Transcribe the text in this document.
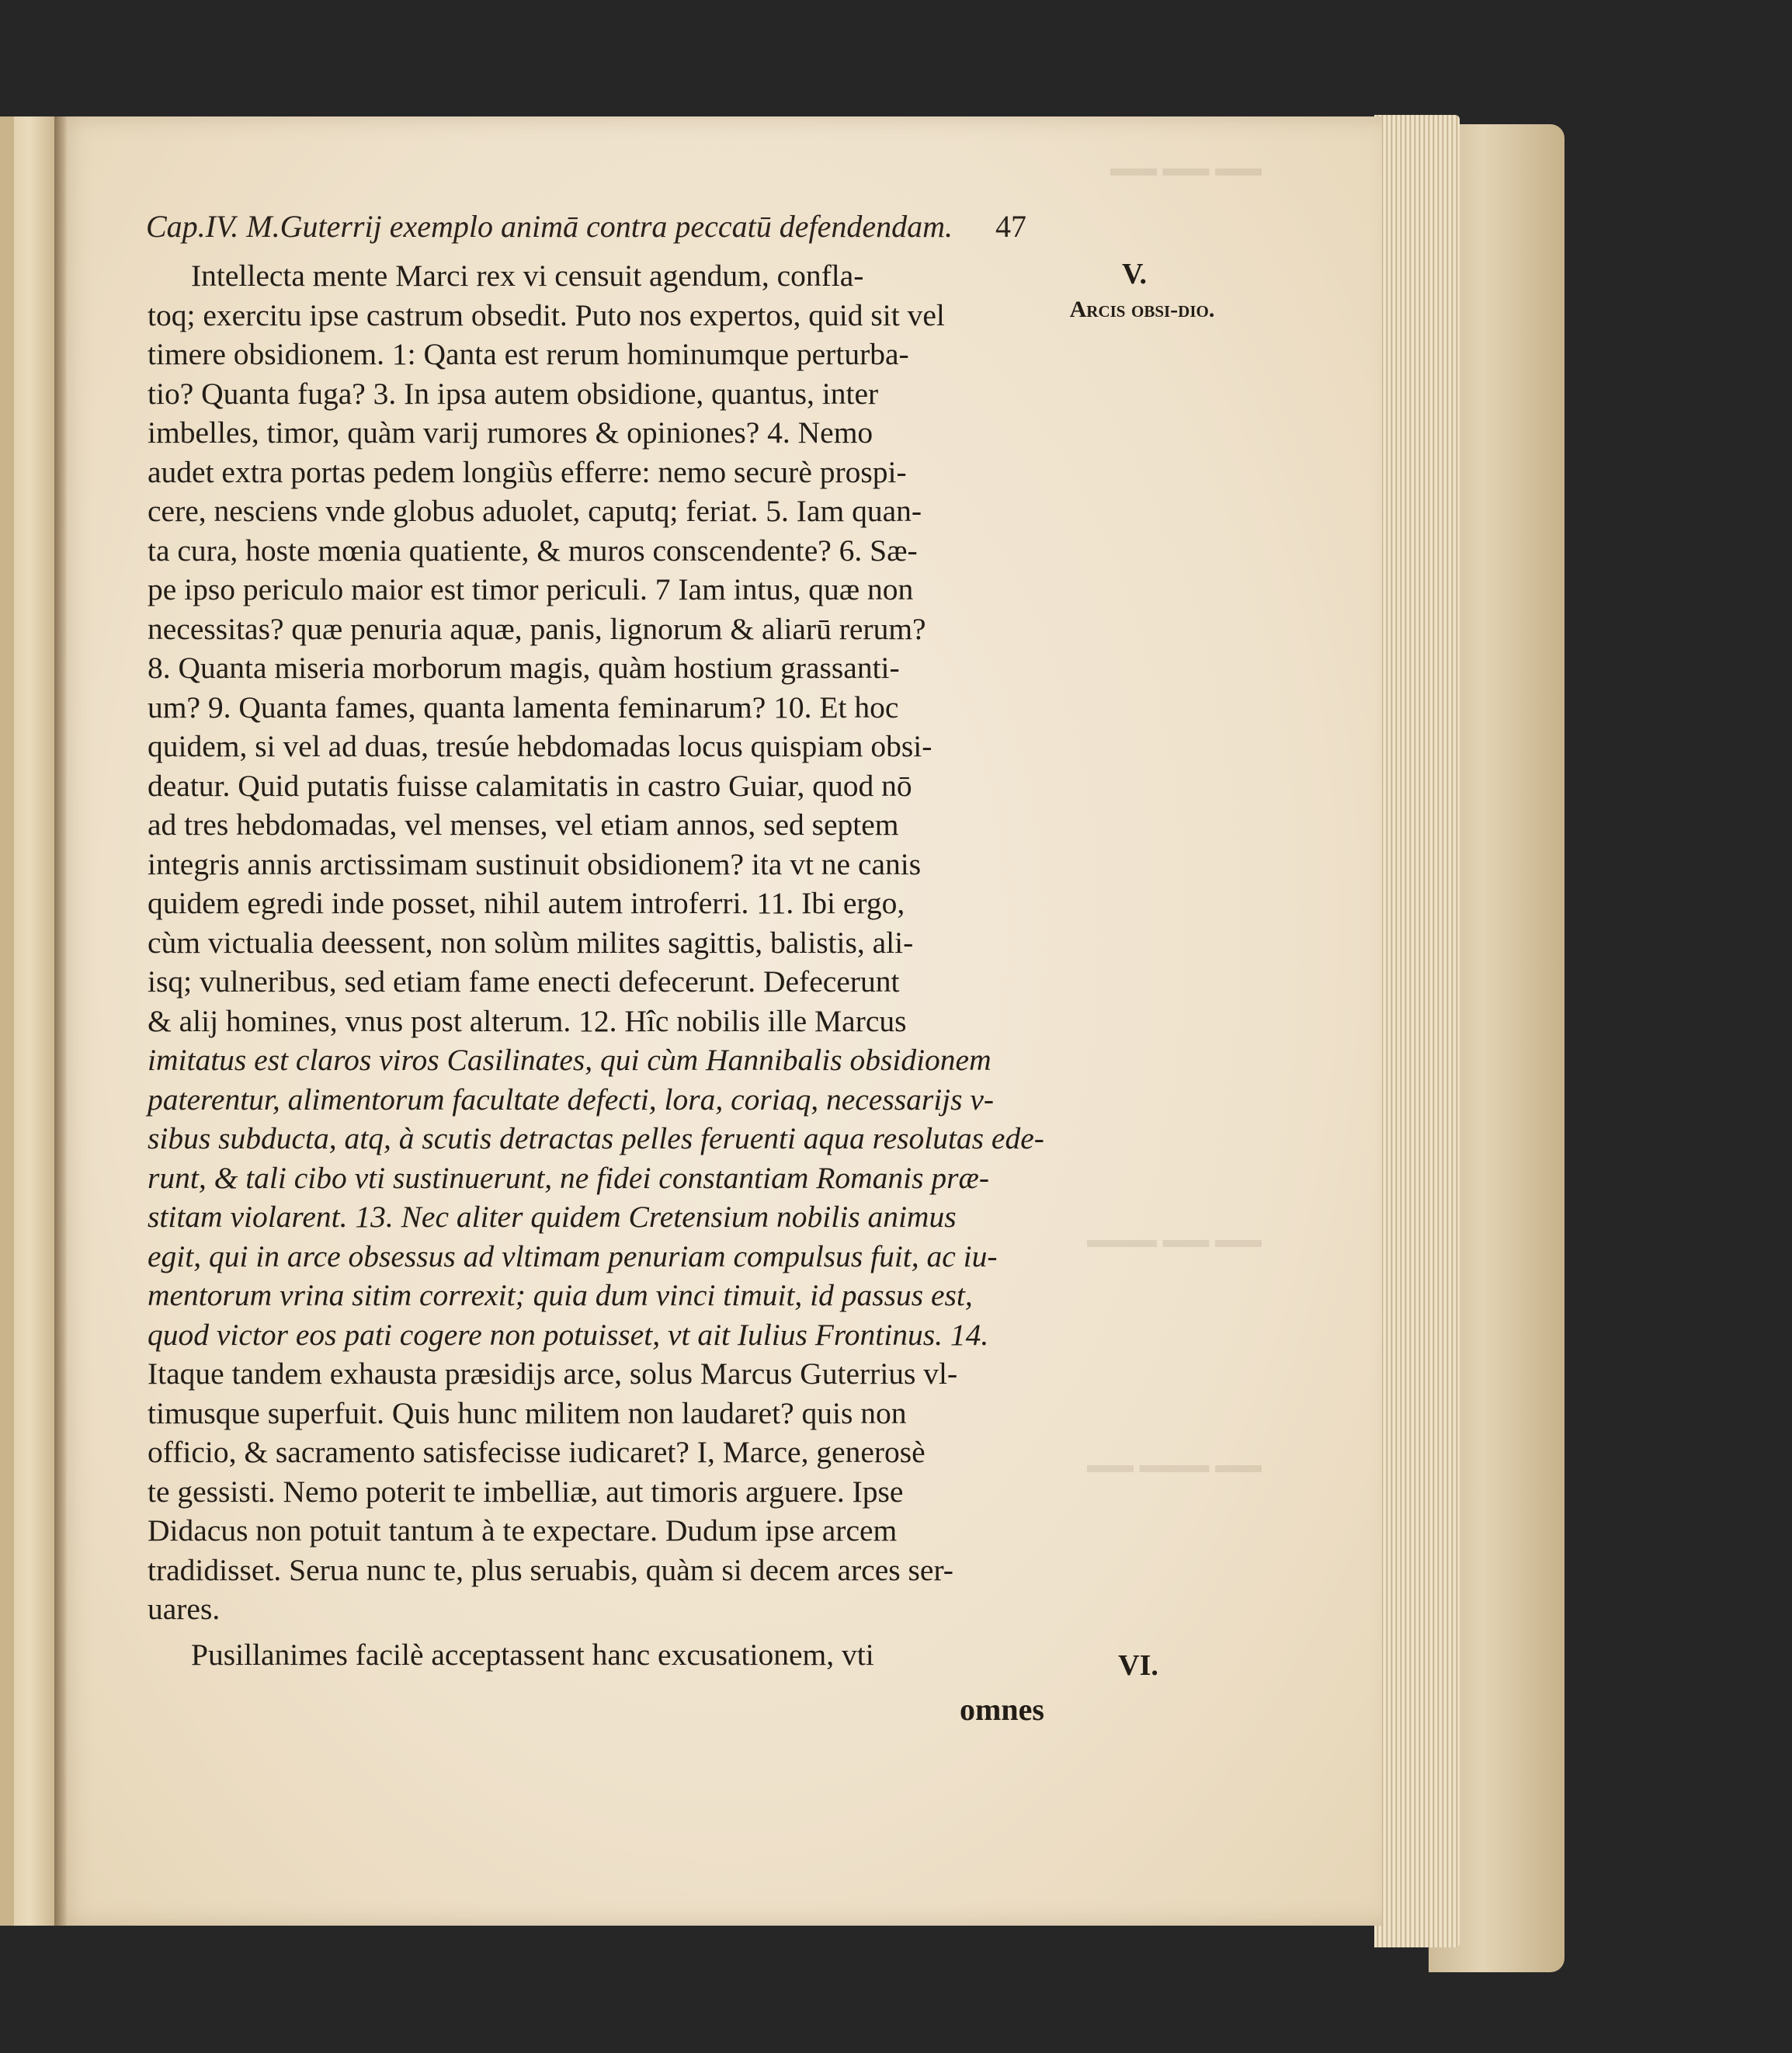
▬▬ ▬▬ ▬▬
▬▬▬ ▬▬ ▬▬
▬▬ ▬▬▬ ▬▬
Cap.IV. M.Guterrij exemplo animā contra peccatū defendendam. 47
V.
Arcis obsi-dio.
VI.
Intellecta mente Marci rex vi censuit agendum, confla-
toq; exercitu ipse castrum obsedit. Puto nos expertos, quid sit vel
timere obsidionem. 1: Qanta est rerum hominumque perturba-
tio? Quanta fuga? 3. In ipsa autem obsidione, quantus, inter
imbelles, timor, quàm varij rumores & opiniones? 4. Nemo
audet extra portas pedem longiùs efferre: nemo securè prospi-
cere, nesciens vnde globus aduolet, caputq; feriat. 5. Iam quan-
ta cura, hoste mœnia quatiente, & muros conscendente? 6. Sæ-
pe ipso periculo maior est timor periculi. 7 Iam intus, quæ non
necessitas? quæ penuria aquæ, panis, lignorum & aliarū rerum?
8. Quanta miseria morborum magis, quàm hostium grassanti-
um? 9. Quanta fames, quanta lamenta feminarum? 10. Et hoc
quidem, si vel ad duas, tresúe hebdomadas locus quispiam obsi-
deatur. Quid putatis fuisse calamitatis in castro Guiar, quod nō
ad tres hebdomadas, vel menses, vel etiam annos, sed septem
integris annis arctissimam sustinuit obsidionem? ita vt ne canis
quidem egredi inde posset, nihil autem introferri. 11. Ibi ergo,
cùm victualia deessent, non solùm milites sagittis, balistis, ali-
isq; vulneribus, sed etiam fame enecti defecerunt. Defecerunt
& alij homines, vnus post alterum. 12. Hîc nobilis ille Marcus
imitatus est claros viros Casilinates, qui cùm Hannibalis obsidionem
paterentur, alimentorum facultate defecti, lora, coriaq, necessarijs v-
sibus subducta, atq, à scutis detractas pelles feruenti aqua resolutas ede-
runt, & tali cibo vti sustinuerunt, ne fidei constantiam Romanis præ-
stitam violarent. 13. Nec aliter quidem Cretensium nobilis animus
egit, qui in arce obsessus ad vltimam penuriam compulsus fuit, ac iu-
mentorum vrina sitim correxit; quia dum vinci timuit, id passus est,
quod victor eos pati cogere non potuisset, vt ait Iulius Frontinus. 14.
Itaque tandem exhausta præsidijs arce, solus Marcus Guterrius vl-
timusque superfuit. Quis hunc militem non laudaret? quis non
officio, & sacramento satisfecisse iudicaret? I, Marce, generosè
te gessisti. Nemo poterit te imbelliæ, aut timoris arguere. Ipse
Didacus non potuit tantum à te expectare. Dudum ipse arcem
tradidisset. Serua nunc te, plus seruabis, quàm si decem arces ser-
uares.
Pusillanimes facilè acceptassent hanc excusationem, vti
omnes
